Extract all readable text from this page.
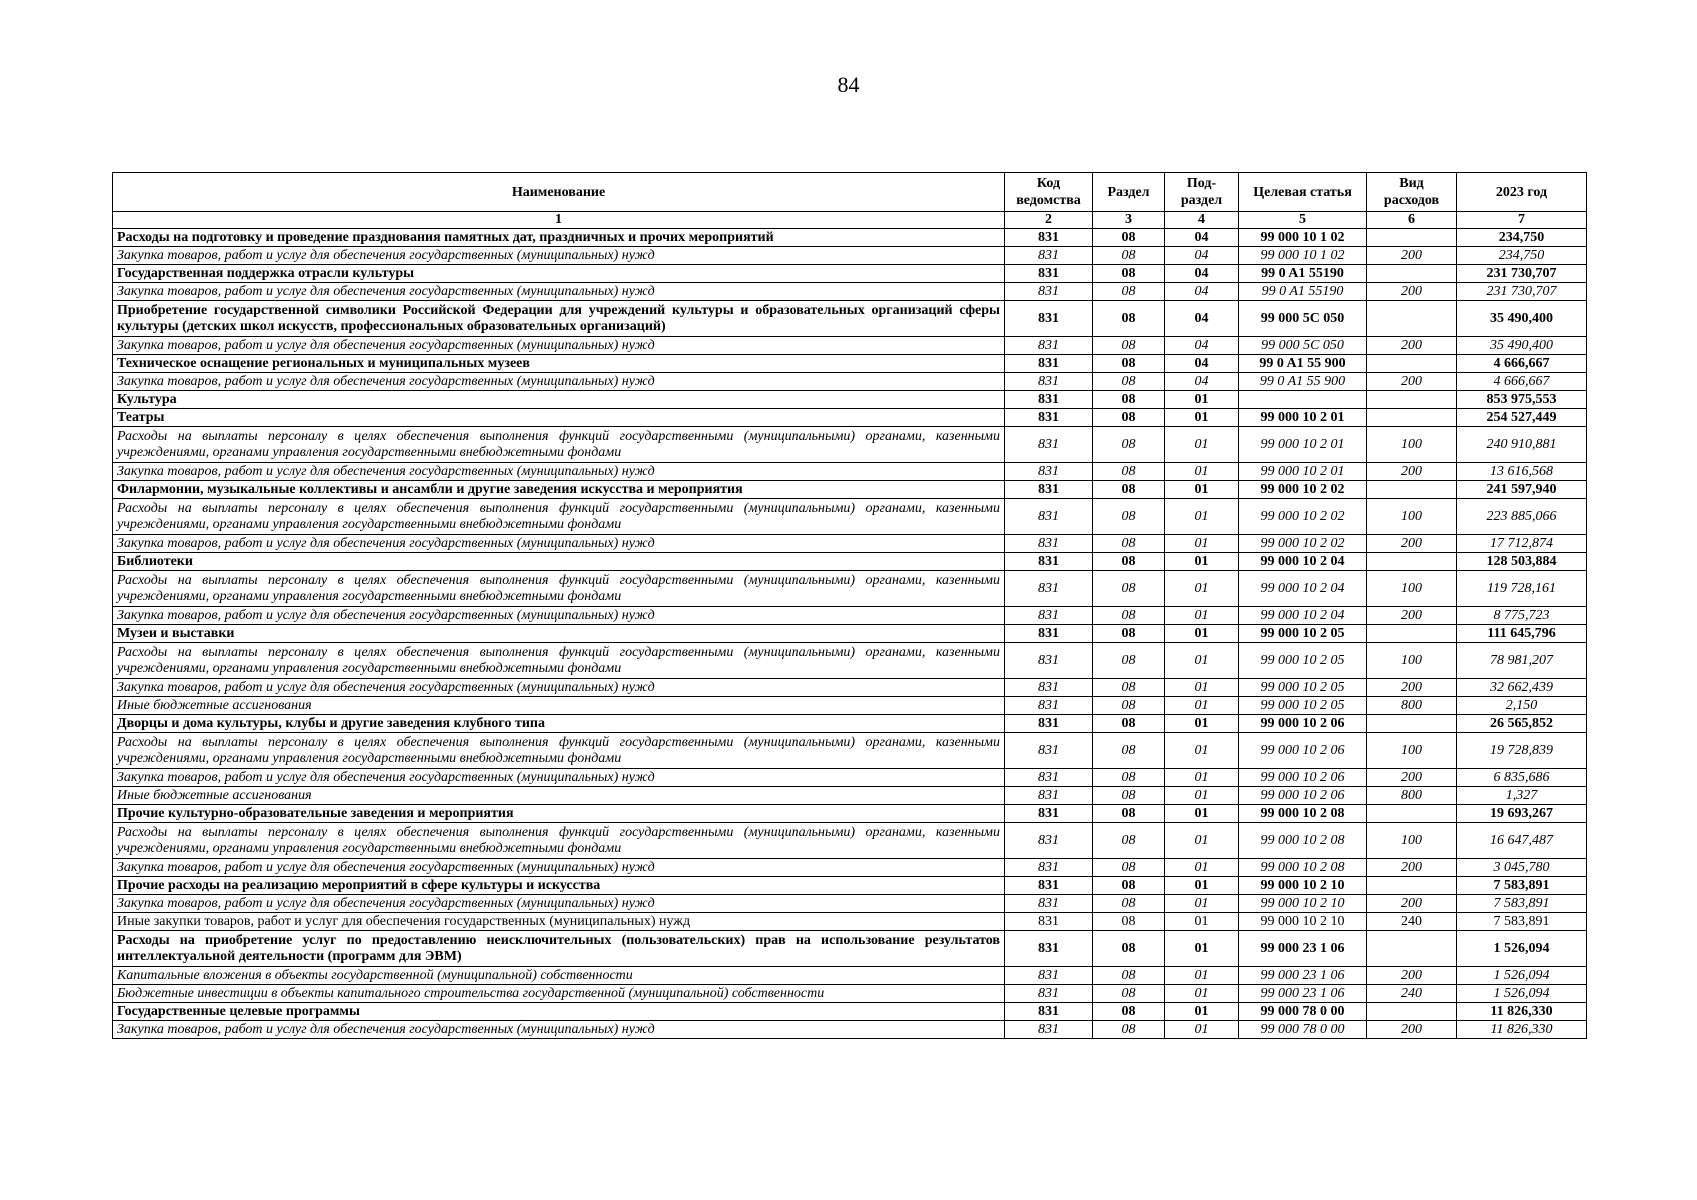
84
Наименование	Код ведомства	Раздел	Под-раздел	Целевая статья	Вид расходов	2023 год
1	2	3	4	5	6	7
Расходы на подготовку и проведение празднования памятных дат, праздничных и прочих мероприятий	831	08	04	99 000 10 1 02		234,750
Закупка товаров, работ и услуг для обеспечения государственных (муниципальных) нужд	831	08	04	99 000 10 1 02	200	234,750
Государственная поддержка отрасли культуры	831	08	04	99 0 A1 55190		231 730,707
Закупка товаров, работ и услуг для обеспечения государственных (муниципальных) нужд	831	08	04	99 0 A1 55190	200	231 730,707
Приобретение государственной символики Российской Федерации для учреждений культуры и образовательных организаций сферы культуры (детских школ искусств, профессиональных образовательных организаций)	831	08	04	99 000 5C 050		35 490,400
Закупка товаров, работ и услуг для обеспечения государственных (муниципальных) нужд	831	08	04	99 000 5C 050	200	35 490,400
Техническое оснащение региональных и муниципальных музеев	831	08	04	99 0 A1 55 900		4 666,667
Закупка товаров, работ и услуг для обеспечения государственных (муниципальных) нужд	831	08	04	99 0 A1 55 900	200	4 666,667
Культура	831	08	01			853 975,553
Театры	831	08	01	99 000 10 2 01		254 527,449
Расходы на выплаты персоналу в целях обеспечения выполнения функций государственными (муниципальными) органами, казенными учреждениями, органами управления государственными внебюджетными фондами	831	08	01	99 000 10 2 01	100	240 910,881
Закупка товаров, работ и услуг для обеспечения государственных (муниципальных) нужд	831	08	01	99 000 10 2 01	200	13 616,568
Филармонии, музыкальные коллективы и ансамбли и другие заведения искусства и мероприятия	831	08	01	99 000 10 2 02		241 597,940
Расходы на выплаты персоналу в целях обеспечения выполнения функций государственными (муниципальными) органами, казенными учреждениями, органами управления государственными внебюджетными фондами	831	08	01	99 000 10 2 02	100	223 885,066
Закупка товаров, работ и услуг для обеспечения государственных (муниципальных) нужд	831	08	01	99 000 10 2 02	200	17 712,874
Библиотеки	831	08	01	99 000 10 2 04		128 503,884
Расходы на выплаты персоналу в целях обеспечения выполнения функций государственными (муниципальными) органами, казенными учреждениями, органами управления государственными внебюджетными фондами	831	08	01	99 000 10 2 04	100	119 728,161
Закупка товаров, работ и услуг для обеспечения государственных (муниципальных) нужд	831	08	01	99 000 10 2 04	200	8 775,723
Музеи и выставки	831	08	01	99 000 10 2 05		111 645,796
Расходы на выплаты персоналу в целях обеспечения выполнения функций государственными (муниципальными) органами, казенными учреждениями, органами управления государственными внебюджетными фондами	831	08	01	99 000 10 2 05	100	78 981,207
Закупка товаров, работ и услуг для обеспечения государственных (муниципальных) нужд	831	08	01	99 000 10 2 05	200	32 662,439
Иные бюджетные ассигнования	831	08	01	99 000 10 2 05	800	2,150
Дворцы и дома культуры, клубы и другие заведения клубного типа	831	08	01	99 000 10 2 06		26 565,852
Расходы на выплаты персоналу в целях обеспечения выполнения функций государственными (муниципальными) органами, казенными учреждениями, органами управления государственными внебюджетными фондами	831	08	01	99 000 10 2 06	100	19 728,839
Закупка товаров, работ и услуг для обеспечения государственных (муниципальных) нужд	831	08	01	99 000 10 2 06	200	6 835,686
Иные бюджетные ассигнования	831	08	01	99 000 10 2 06	800	1,327
Прочие культурно-образовательные заведения и мероприятия	831	08	01	99 000 10 2 08		19 693,267
Расходы на выплаты персоналу в целях обеспечения выполнения функций государственными (муниципальными) органами, казенными учреждениями, органами управления государственными внебюджетными фондами	831	08	01	99 000 10 2 08	100	16 647,487
Закупка товаров, работ и услуг для обеспечения государственных (муниципальных) нужд	831	08	01	99 000 10 2 08	200	3 045,780
Прочие расходы на реализацию мероприятий в сфере культуры и искусства	831	08	01	99 000 10 2 10		7 583,891
Закупка товаров, работ и услуг для обеспечения государственных (муниципальных) нужд	831	08	01	99 000 10 2 10	200	7 583,891
Иные закупки товаров, работ и услуг для обеспечения государственных (муниципальных) нужд	831	08	01	99 000 10 2 10	240	7 583,891
Расходы на приобретение услуг по предоставлению неисключительных (пользовательских) прав на использование результатов интеллектуальной деятельности (программ для ЭВМ)	831	08	01	99 000 23 1 06		1 526,094
Капитальные вложения в объекты государственной (муниципальной) собственности	831	08	01	99 000 23 1 06	200	1 526,094
Бюджетные инвестиции в объекты капитального строительства государственной (муниципальной) собственности	831	08	01	99 000 23 1 06	240	1 526,094
Государственные целевые программы	831	08	01	99 000 78 0 00		11 826,330
Закупка товаров, работ и услуг для обеспечения государственных (муниципальных) нужд	831	08	01	99 000 78 0 00	200	11 826,330
